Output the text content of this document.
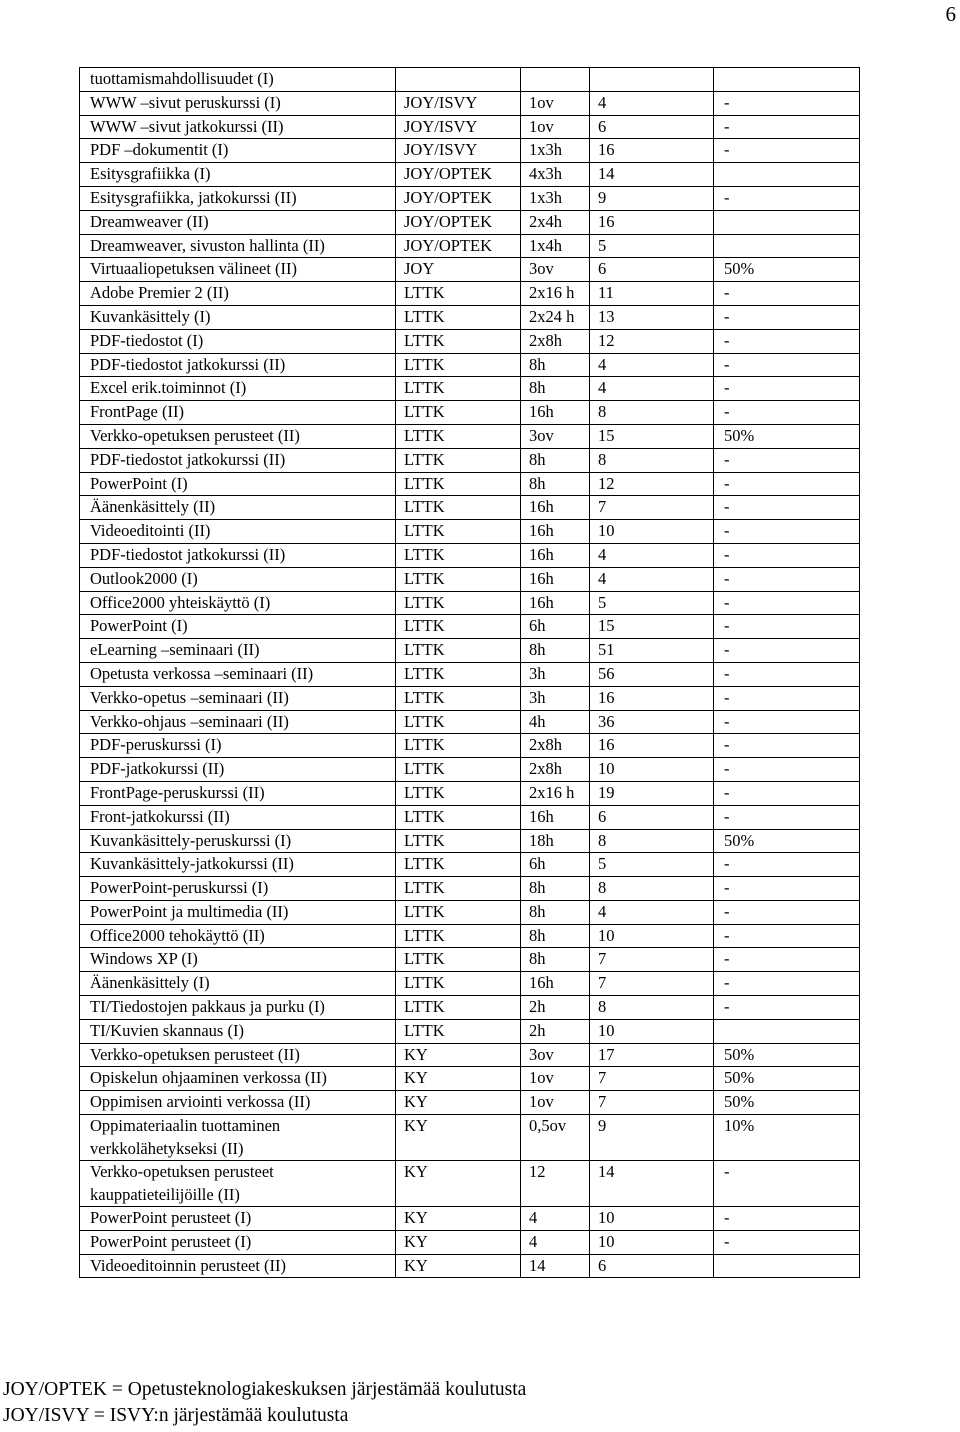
6
tuottamismahdollisuudet (I)				
WWW –sivut peruskurssi (I)	JOY/ISVY	1ov	4	-
WWW –sivut jatkokurssi (II)	JOY/ISVY	1ov	6	-
PDF –dokumentit (I)	JOY/ISVY	1x3h	16	-
Esitysgrafiikka (I)	JOY/OPTEK	4x3h	14	
Esitysgrafiikka, jatkokurssi (II)	JOY/OPTEK	1x3h	9	-
Dreamweaver (II)	JOY/OPTEK	2x4h	16	
Dreamweaver, sivuston hallinta (II)	JOY/OPTEK	1x4h	5	
Virtuaaliopetuksen välineet (II)	JOY	3ov	6	50%
Adobe Premier 2 (II)	LTTK	2x16 h	11	-
Kuvankäsittely (I)	LTTK	2x24 h	13	-
PDF-tiedostot (I)	LTTK	2x8h	12	-
PDF-tiedostot jatkokurssi (II)	LTTK	8h	4	-
Excel erik.toiminnot (I)	LTTK	8h	4	-
FrontPage (II)	LTTK	16h	8	-
Verkko-opetuksen perusteet (II)	LTTK	3ov	15	50%
PDF-tiedostot jatkokurssi (II)	LTTK	8h	8	-
PowerPoint (I)	LTTK	8h	12	-
Äänenkäsittely (II)	LTTK	16h	7	-
Videoeditointi (II)	LTTK	16h	10	-
PDF-tiedostot jatkokurssi (II)	LTTK	16h	4	-
Outlook2000 (I)	LTTK	16h	4	-
Office2000 yhteiskäyttö (I)	LTTK	16h	5	-
PowerPoint (I)	LTTK	6h	15	-
eLearning –seminaari (II)	LTTK	8h	51	-
Opetusta verkossa –seminaari (II)	LTTK	3h	56	-
Verkko-opetus –seminaari (II)	LTTK	3h	16	-
Verkko-ohjaus –seminaari (II)	LTTK	4h	36	-
PDF-peruskurssi (I)	LTTK	2x8h	16	-
PDF-jatkokurssi (II)	LTTK	2x8h	10	-
FrontPage-peruskurssi (II)	LTTK	2x16 h	19	-
Front-jatkokurssi (II)	LTTK	16h	6	-
Kuvankäsittely-peruskurssi (I)	LTTK	18h	8	50%
Kuvankäsittely-jatkokurssi (II)	LTTK	6h	5	-
PowerPoint-peruskurssi (I)	LTTK	8h	8	-
PowerPoint ja multimedia (II)	LTTK	8h	4	-
Office2000 tehokäyttö (II)	LTTK	8h	10	-
Windows XP (I)	LTTK	8h	7	-
Äänenkäsittely (I)	LTTK	16h	7	-
TI/Tiedostojen pakkaus ja purku (I)	LTTK	2h	8	-
TI/Kuvien skannaus (I)	LTTK	2h	10	
Verkko-opetuksen perusteet (II)	KY	3ov	17	50%
Opiskelun ohjaaminen verkossa (II)	KY	1ov	7	50%
Oppimisen arviointi verkossa (II)	KY	1ov	7	50%
Oppimateriaalin tuottaminen verkkolähetykseksi (II)	KY	0,5ov	9	10%
Verkko-opetuksen perusteet kauppatieteilijöille (II)	KY	12	14	-
PowerPoint perusteet (I)	KY	4	10	-
PowerPoint perusteet (I)	KY	4	10	-
Videoeditoinnin perusteet (II)	KY	14	6	
JOY/OPTEK = Opetusteknologiakeskuksen järjestämää koulutusta
JOY/ISVY = ISVY:n järjestämää koulutusta
